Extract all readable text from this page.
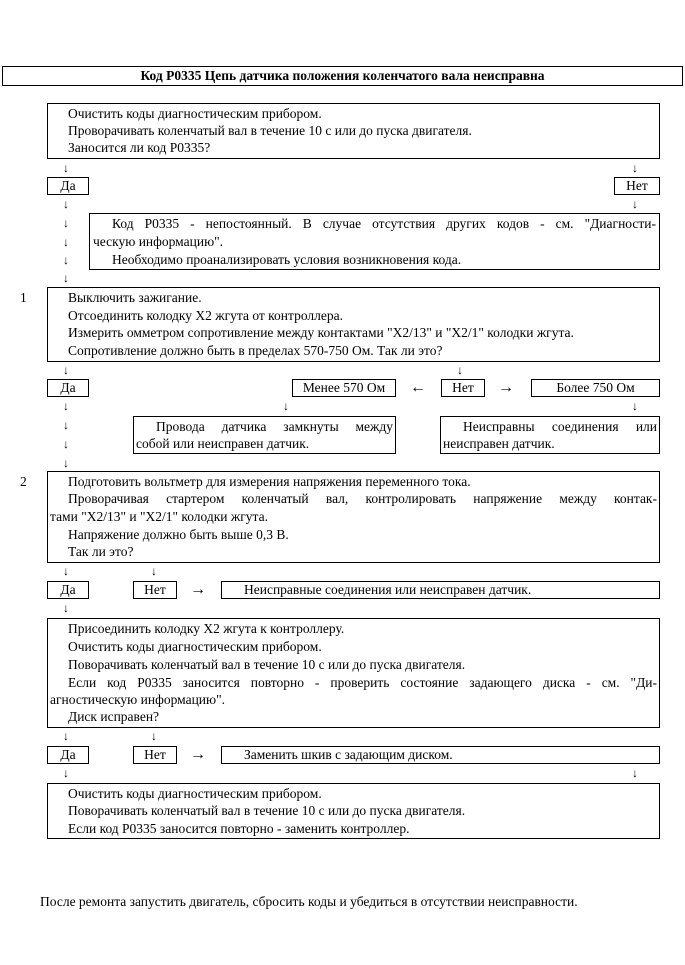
Код P0335 Цепь датчика положения коленчатого вала неисправна
Очистить коды диагностическим прибором.
Проворачивать коленчатый вал в течение 10 с или до пуска двигателя.
Заносится ли код P0335?
↓	↓
Да	Нет
↓	↓
↓
↓
↓
↓
Код P0335 - непостоянный. В случае отсутствия других кодов - см. "Диагности-
ческую информацию".
Необходимо проанализировать условия возникновения кода.
1	Выключить зажигание.
Отсоединить колодку X2 жгута от контроллера.
Измерить омметром сопротивление между контактами "X2/13" и "X2/1" колодки жгута.
Сопротивление должно быть в пределах 570-750 Ом. Так ли это?
↓	↓
Да	Менее 570 Ом	←	Нет	→	Более 750 Ом
↓	↓	↓
↓
↓
↓
Провода датчика замкнуты между
собой или неисправен датчик.
Неисправны соединения или
неисправен датчик.
2	Подготовить вольтметр для измерения напряжения переменного тока.
Проворачивая стартером коленчатый вал, контролировать напряжение между контак-
тами "X2/13" и "X2/1" колодки жгута.
Напряжение должно быть выше 0,3 В.
Так ли это?
↓	↓
Да	Нет	→	Неисправные соединения или неисправен датчик.
↓
Присоединить колодку X2 жгута к контроллеру.
Очистить коды диагностическим прибором.
Поворачивать коленчатый вал в течение 10 с или до пуска двигателя.
Если код P0335 заносится повторно - проверить состояние задающего диска - см. "Ди-
агностическую информацию".
Диск исправен?
↓	↓
Да	Нет	→	Заменить шкив с задающим диском.
↓	↓
Очистить коды диагностическим прибором.
Поворачивать коленчатый вал в течение 10 с или до пуска двигателя.
Если код P0335 заносится повторно - заменить контроллер.
После ремонта запустить двигатель, сбросить коды и убедиться в отсутствии неисправности.
